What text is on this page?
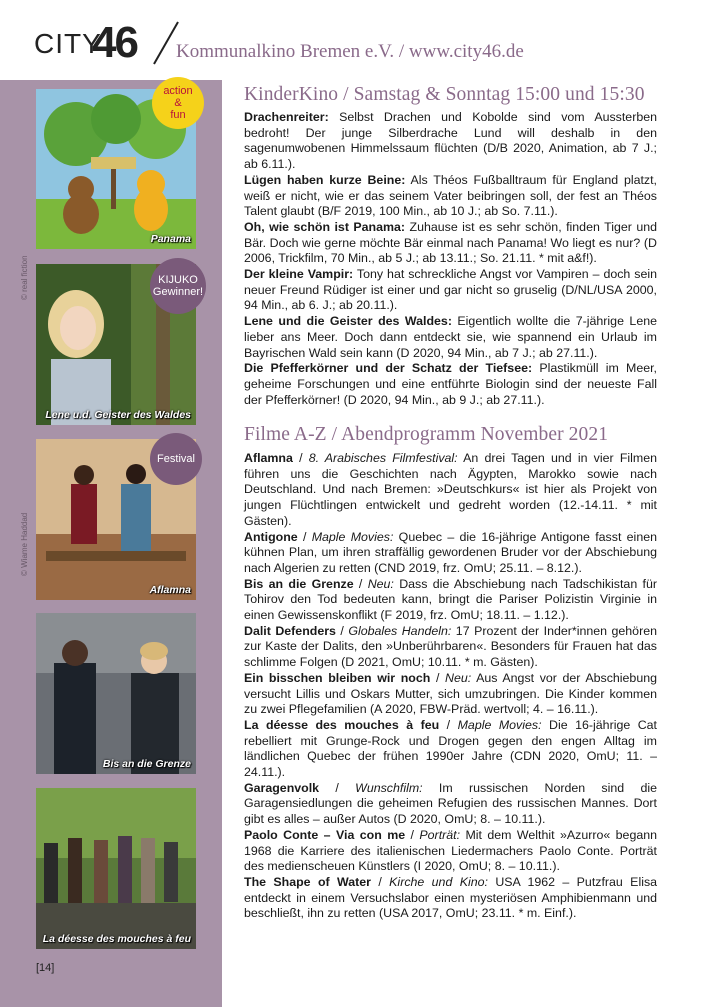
CITY
46 Kommunalkino Bremen e.V. / www.city46.de
Panama
action
&
fun
Lene u.d. Geister des Waldes
KIJUKO
Gewinner!
Aflamna
Festival
Bis an die Grenze
La déesse des mouches à feu
© real fiction
© Wiame Haddad
[14]
KinderKino / Samstag & Sonntag 15:00 und 15:30

Drachenreiter: Selbst Drachen und Kobolde sind vom Aussterben bedroht! Der junge Silberdrache Lund will deshalb in den sagenumwobenen Himmelssaum flüchten (D/B 2020, Animation, ab 7 J.; ab 6.11.).

Lügen haben kurze Beine: Als Théos Fußballtraum für England platzt, weiß er nicht, wie er das seinem Vater beibringen soll, der fest an Théos Talent glaubt (B/F 2019, 100 Min., ab 10 J.; ab So. 7.11.).

Oh, wie schön ist Panama: Zuhause ist es sehr schön, finden Tiger und Bär. Doch wie gerne möchte Bär einmal nach Panama! Wo liegt es nur? (D 2006, Trickfilm, 70 Min., ab 5 J.; ab 13.11.; So. 21.11. * mit a&f!).

Der kleine Vampir: Tony hat schreckliche Angst vor Vampiren – doch sein neuer Freund Rüdiger ist einer und gar nicht so gruselig (D/NL/USA 2000, 94 Min., ab 6. J.; ab 20.11.).

Lene und die Geister des Waldes: Eigentlich wollte die 7-jährige Lene lieber ans Meer. Doch dann entdeckt sie, wie spannend ein Urlaub im Bayrischen Wald sein kann (D 2020, 94 Min., ab 7 J.; ab 27.11.).

Die Pfefferkörner und der Schatz der Tiefsee: Plastikmüll im Meer, geheime Forschungen und eine entführte Biologin sind der neueste Fall der Pfefferkörner! (D 2020, 94 Min., ab 9 J.; ab 27.11.).

Filme A-Z / Abendprogramm November 2021

Aflamna / 8. Arabisches Filmfestival: An drei Tagen und in vier Filmen führen uns die Geschichten nach Ägypten, Marokko sowie nach Deutschland. Und nach Bremen: »Deutschkurs« ist hier als Projekt von jungen Flüchtlingen entwickelt und gedreht worden (12.-14.11. * mit Gästen).

Antigone / Maple Movies: Quebec – die 16-jährige Antigone fasst einen kühnen Plan, um ihren straffällig gewordenen Bruder vor der Abschiebung nach Algerien zu retten (CND 2019, frz. OmU; 25.11. – 8.12.).

Bis an die Grenze / Neu: Dass die Abschiebung nach Tadschikistan für Tohirov den Tod bedeuten kann, bringt die Pariser Polizistin Virginie in einen Gewissenskonflikt (F 2019, frz. OmU; 18.11. – 1.12.).

Dalit Defenders / Globales Handeln: 17 Prozent der Inder*innen gehören zur Kaste der Dalits, den »Unberührbaren«. Besonders für Frauen hat das schlimme Folgen (D 2021, OmU; 10.11. * m. Gästen).

Ein bisschen bleiben wir noch / Neu: Aus Angst vor der Abschiebung versucht Lillis und Oskars Mutter, sich umzubringen. Die Kinder kommen zu zwei Pflegefamilien (A 2020, FBW-Präd. wertvoll; 4. – 16.11.).

La déesse des mouches à feu / Maple Movies: Die 16-jährige Cat rebelliert mit Grunge-Rock und Drogen gegen den engen Alltag im ländlichen Quebec der frühen 1990er Jahre (CDN 2020, OmU; 11. – 24.11.).

Garagenvolk / Wunschfilm: Im russischen Norden sind die Garagensiedlungen die geheimen Refugien des russischen Mannes. Dort gibt es alles – außer Autos (D 2020, OmU; 8. – 10.11.).

Paolo Conte – Via con me / Porträt: Mit dem Welthit »Azurro« begann 1968 die Karriere des italienischen Liedermachers Paolo Conte. Porträt des medienscheuen Künstlers (I 2020, OmU; 8. – 10.11.).

The Shape of Water / Kirche und Kino: USA 1962 – Putzfrau Elisa entdeckt in einem Versuchslabor einen mysteriösen Amphibienmann und beschließt, ihn zu retten (USA 2017, OmU; 23.11. * m. Einf.).
